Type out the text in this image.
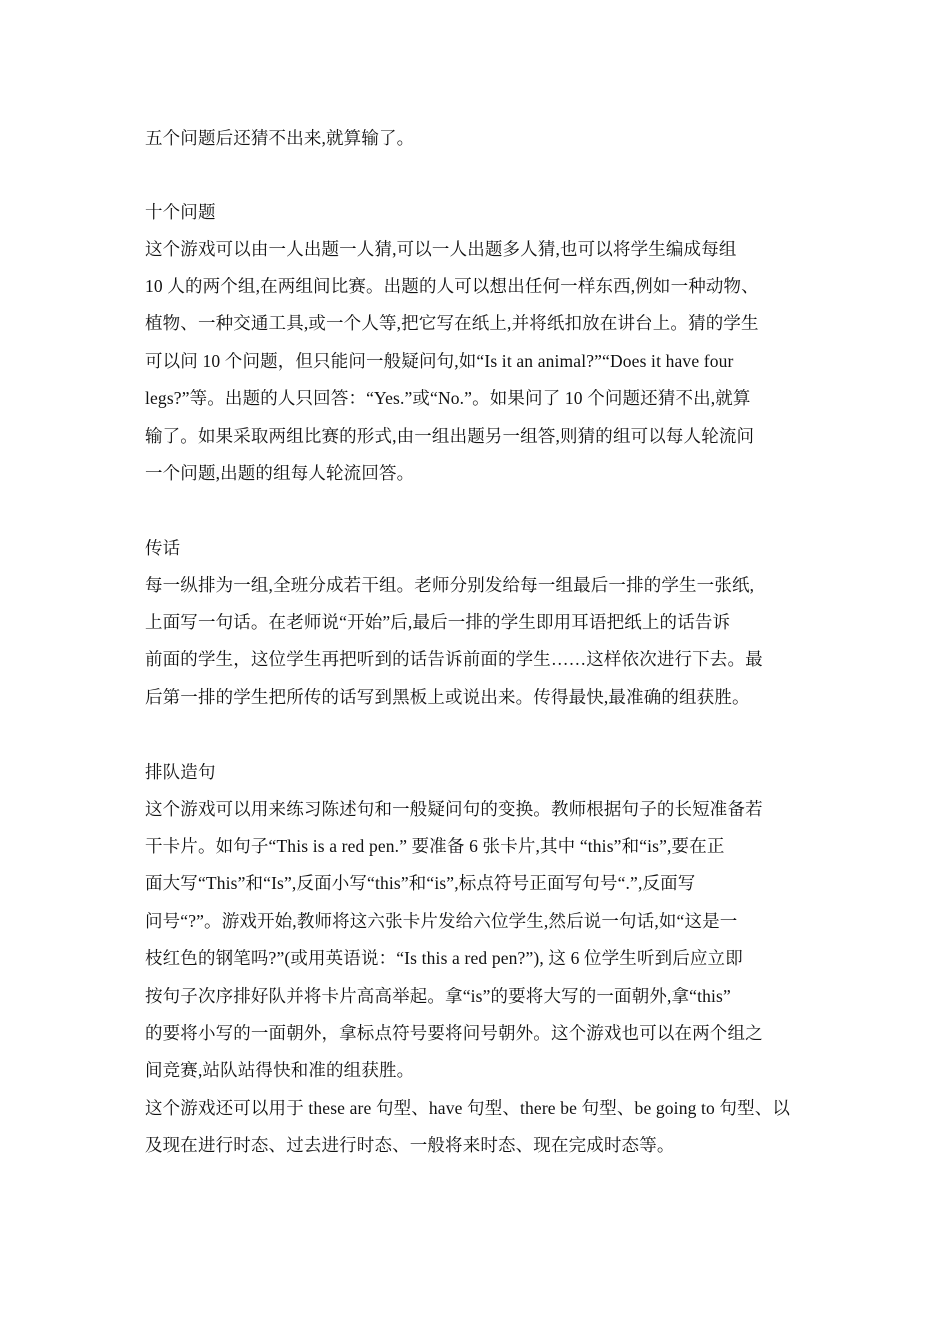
五个问题后还猜不出来,就算输了。
十个问题
这个游戏可以由一人出题一人猜,可以一人出题多人猜,也可以将学生编成每组
10 人的两个组,在两组间比赛。出题的人可以想出任何一样东西,例如一种动物、
植物、一种交通工具,或一个人等,把它写在纸上,并将纸扣放在讲台上。猜的学生
可以问 10 个问题，但只能问一般疑问句,如“Is it an animal?”“Does it have four
legs?”等。出题的人只回答：“Yes.”或“No.”。如果问了 10 个问题还猜不出,就算
输了。如果采取两组比赛的形式,由一组出题另一组答,则猜的组可以每人轮流问
一个问题,出题的组每人轮流回答。
传话
每一纵排为一组,全班分成若干组。老师分别发给每一组最后一排的学生一张纸,
上面写一句话。在老师说“开始”后,最后一排的学生即用耳语把纸上的话告诉
前面的学生，这位学生再把听到的话告诉前面的学生……这样依次进行下去。最
后第一排的学生把所传的话写到黑板上或说出来。传得最快,最准确的组获胜。
排队造句
这个游戏可以用来练习陈述句和一般疑问句的变换。教师根据句子的长短准备若
干卡片。如句子“This is a red pen.” 要准备 6 张卡片,其中 “this”和“is”,要在正
面大写“This”和“Is”,反面小写“this”和“is”,标点符号正面写句号“.”,反面写
问号“?”。游戏开始,教师将这六张卡片发给六位学生,然后说一句话,如“这是一
枝红色的钢笔吗?”(或用英语说：“Is this a red pen?”), 这 6 位学生听到后应立即
按句子次序排好队并将卡片高高举起。拿“is”的要将大写的一面朝外,拿“this”
的要将小写的一面朝外，拿标点符号要将问号朝外。这个游戏也可以在两个组之
间竞赛,站队站得快和准的组获胜。
这个游戏还可以用于 these are 句型、have 句型、there be 句型、be going to 句型、以
及现在进行时态、过去进行时态、一般将来时态、现在完成时态等。
